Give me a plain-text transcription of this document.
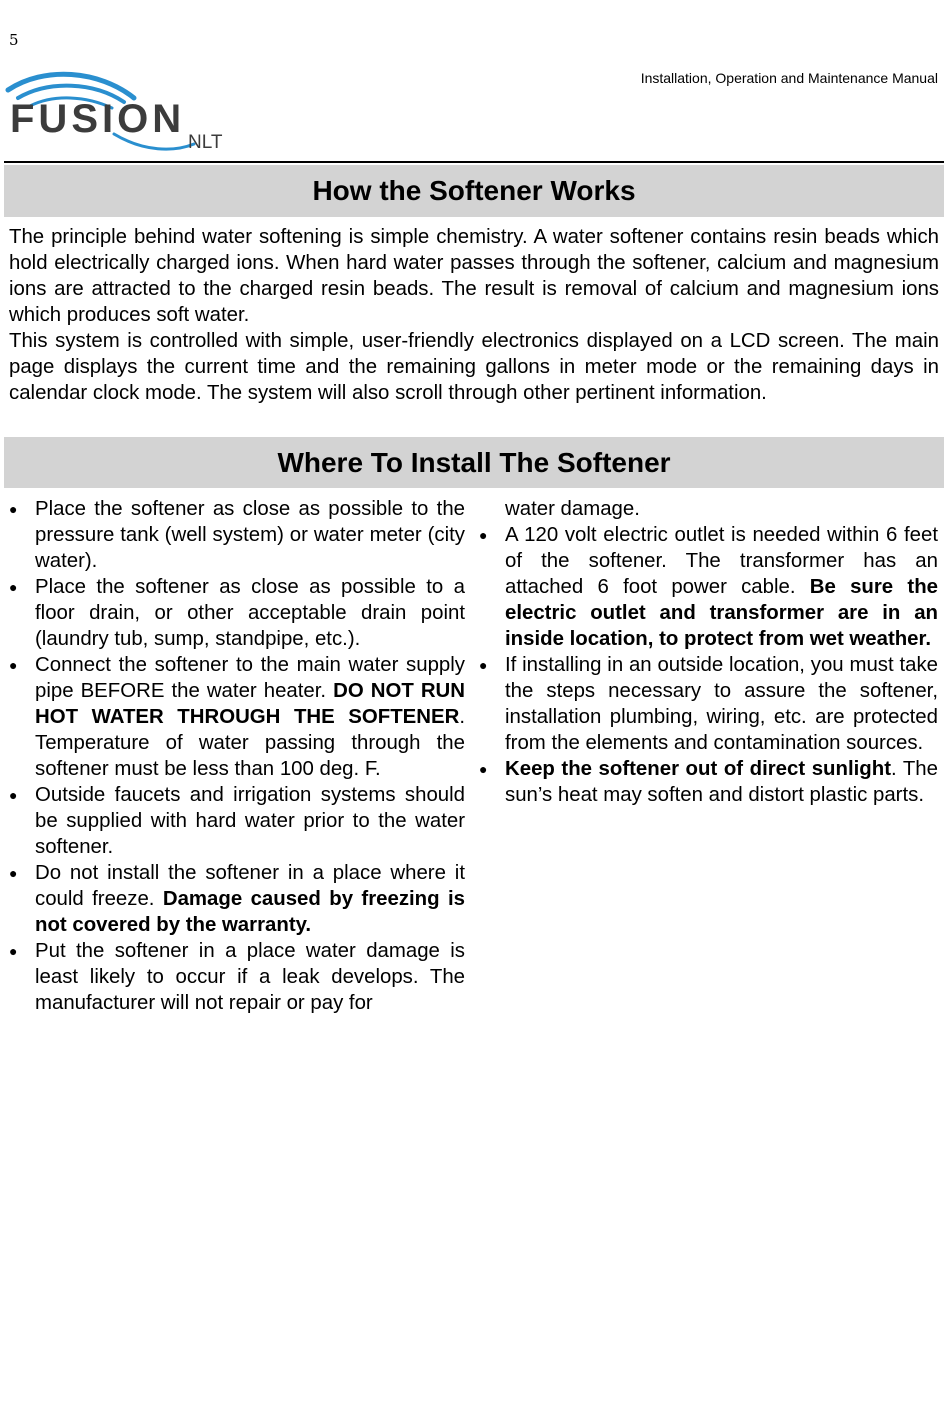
5
FUSION
NLT
Installation, Operation and Maintenance Manual
How the Softener Works

The principle behind water softening is simple chemistry. A water softener contains resin beads which hold electrically charged ions. When hard water passes through the softener, calcium and magnesium ions are attracted to the charged resin beads. The result is removal of calcium and magnesium ions which produces soft water.

This system is controlled with simple, user-friendly electronics displayed on a LCD screen. The main page displays the current time and the remaining gallons in meter mode or the remaining days in calendar clock mode. The system will also scroll through other pertinent information.

Where To Install The Softener
● Place the softener as close as possible to the pressure tank (well system) or water meter (city water).
● Place the softener as close as possible to a floor drain, or other acceptable drain point (laundry tub, sump, standpipe, etc.).
● Connect the softener to the main water supply pipe BEFORE the water heater. DO NOT RUN HOT WATER THROUGH THE SOFTENER. Temperature of water passing through the softener must be less than 100 deg. F.
● Outside faucets and irrigation systems should be supplied with hard water prior to the water softener.
● Do not install the softener in a place where it could freeze. Damage caused by freezing is not covered by the warranty.
● Put the softener in a place water damage is least likely to occur if a leak develops. The manufacturer will not repair or pay for
water damage.
● A 120 volt electric outlet is needed within 6 feet of the softener. The transformer has an attached 6 foot power cable. Be sure the electric outlet and transformer are in an inside location, to protect from wet weather.
● If installing in an outside location, you must take the steps necessary to assure the softener, installation plumbing, wiring, etc. are protected from the elements and contamination sources.
● Keep the softener out of direct sunlight. The sun’s heat may soften and distort plastic parts.
